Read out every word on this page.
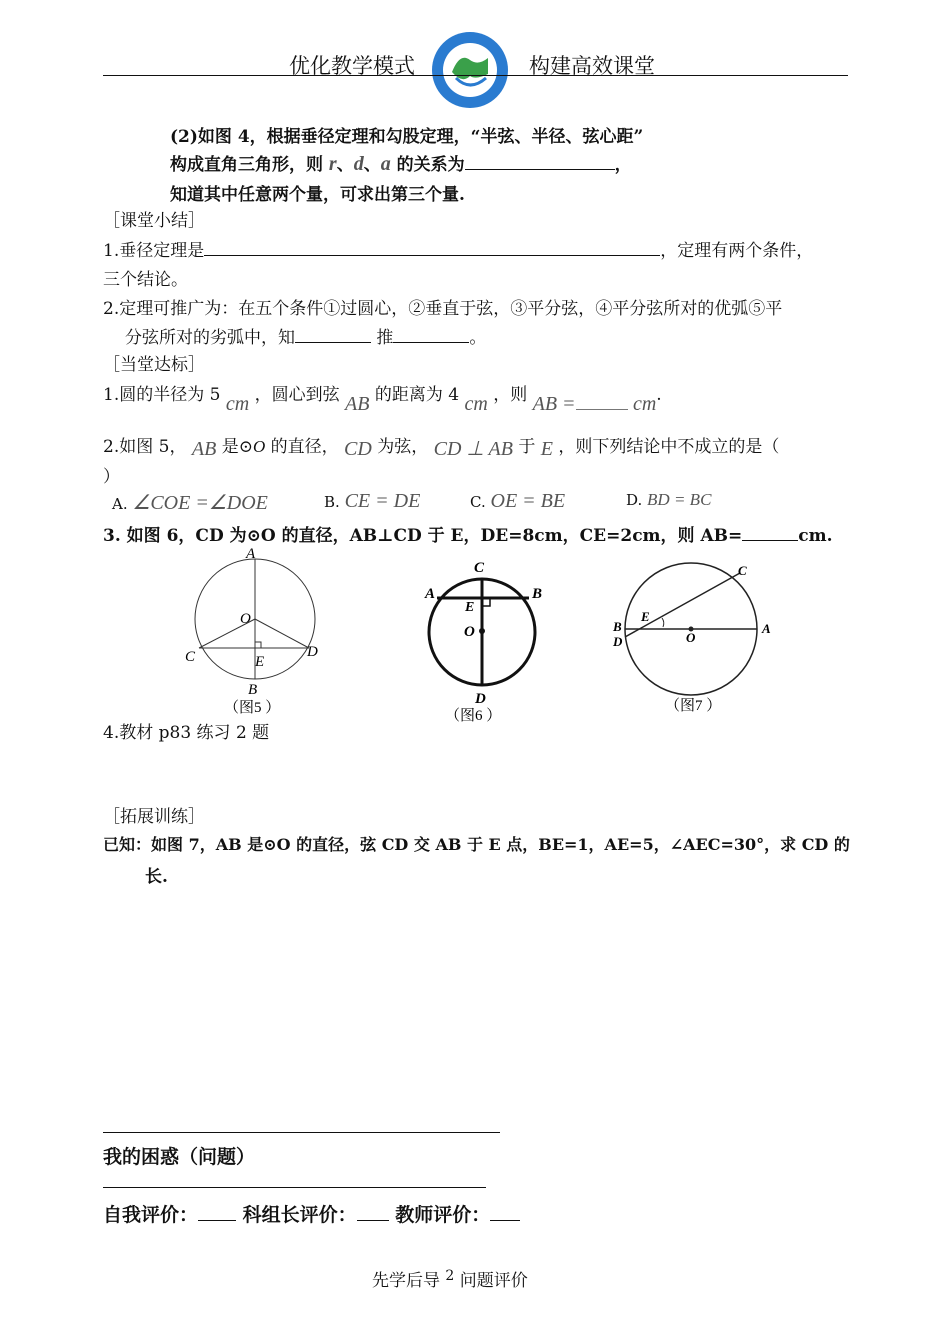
优化教学模式	构建高效课堂
(2)如图 4，根据垂径定理和勾股定理，“半弦、半径、弦心距”
构成直角三角形，则 r、d、a 的关系为	，
知道其中任意两个量，可求出第三个量.
［课堂小结］
1.垂径定理是	，定理有两个条件，
三个结论。
2.定理可推广为：在五个条件①过圆心，②垂直于弦，③平分弦，④平分弦所对的优弧⑤平
分弦所对的劣弧中，知	推	。
［当堂达标］
1.圆的半径为 5 cm ，圆心到弦 AB 的距离为 4 cm ，则 AB =	cm.
2.如图 5， AB 是⊙O 的直径， CD 为弦， CD ⊥ AB 于 E ，则下列结论中不成立的是（
）
A. ∠COE =∠DOE	B. CE = DE	C. OE = BE	D. BD = BC
3. 如图 6，CD 为⊙O 的直径，AB⊥CD 于 E，DE=8cm，CE=2cm，则 AB=	cm.
A
O
C	E
D
B
（图5 ）
C
A	B
E
O
D
（图6 ）
C
E
B
D	O
A
（图7 ）
4.教材 p83 练习 2 题
［拓展训练］
已知：如图 7，AB 是⊙O 的直径，弦 CD 交 AB 于 E 点，BE=1，AE=5，∠AEC=30°，求 CD 的
长.
我的困惑（问题）
自我评价： 科组长评价： 教师评价：
先学后导 $^2$ 问题评价
